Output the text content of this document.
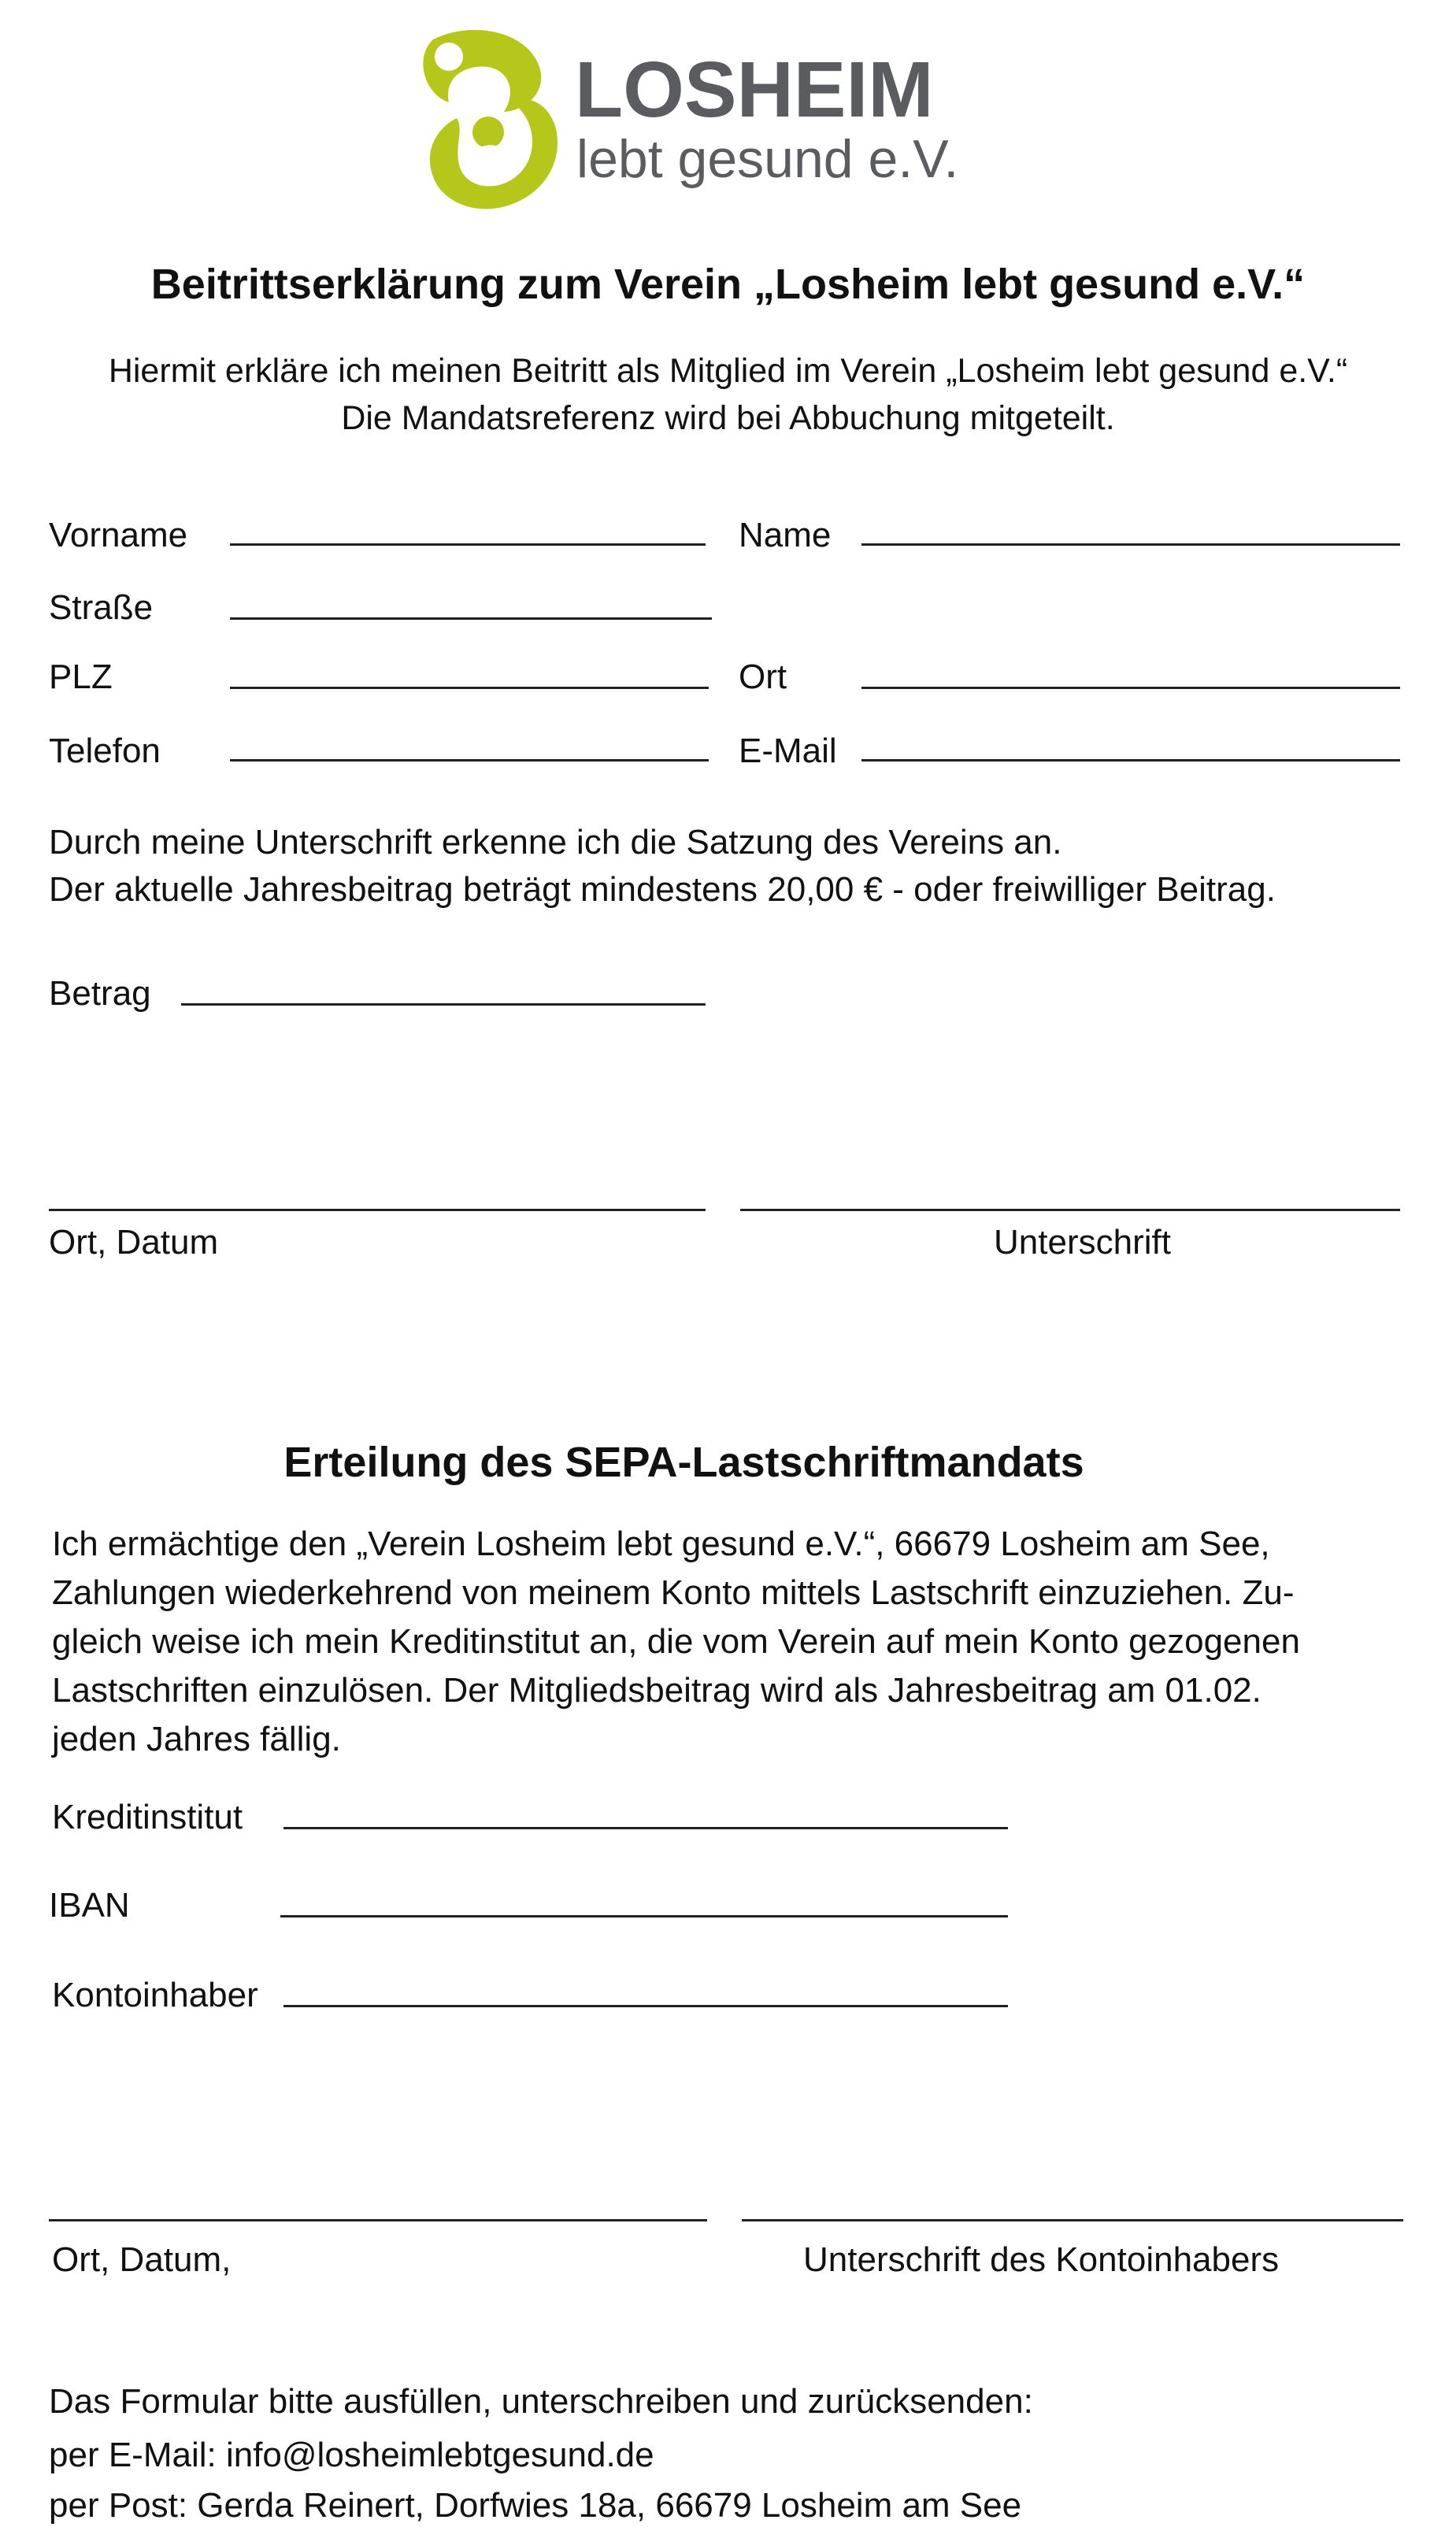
LOSHEIM
lebt gesund e.V.
Beitrittserklärung zum Verein „Losheim lebt gesund e.V.“
Hiermit erkläre ich meinen Beitritt als Mitglied im Verein „Losheim lebt gesund e.V.“
Die Mandatsreferenz wird bei Abbuchung mitgeteilt.
Vorname	Name
Straße
PLZ	Ort
Telefon	E-Mail
Durch meine Unterschrift erkenne ich die Satzung des Vereins an.
Der aktuelle Jahresbeitrag beträgt mindestens 20,00 € - oder freiwilliger Beitrag.
Betrag
Ort, Datum	Unterschrift
Erteilung des SEPA-Lastschriftmandats
Ich ermächtige den „Verein Losheim lebt gesund e.V.“, 66679 Losheim am See,
Zahlungen wiederkehrend von meinem Konto mittels Lastschrift einzuziehen. Zu-
gleich weise ich mein Kreditinstitut an, die vom Verein auf mein Konto gezogenen
Lastschriften einzulösen. Der Mitgliedsbeitrag wird als Jahresbeitrag am 01.02.
jeden Jahres fällig.
Kreditinstitut
IBAN
Kontoinhaber
Ort, Datum,	Unterschrift des Kontoinhabers
Das Formular bitte ausfüllen, unterschreiben und zurücksenden:
per E-Mail: info@losheimlebtgesund.de
per Post: Gerda Reinert, Dorfwies 18a, 66679 Losheim am See
